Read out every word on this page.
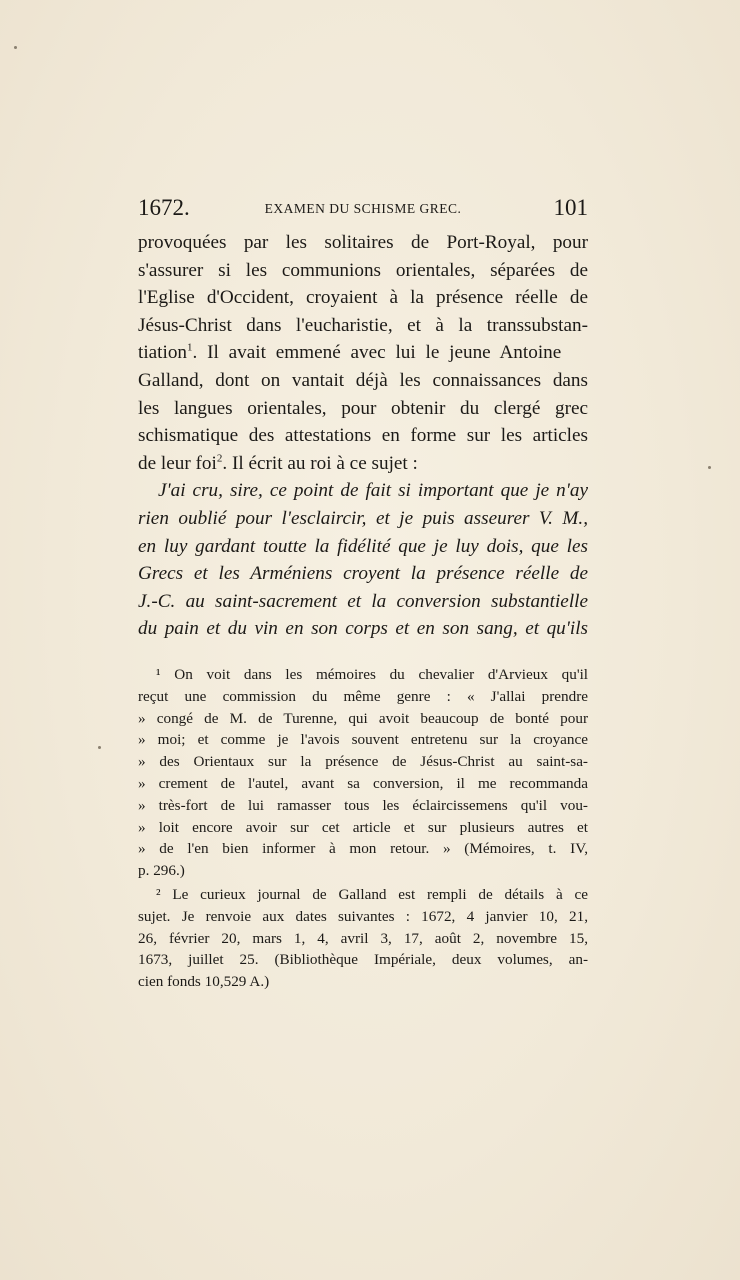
1672.	EXAMEN DU SCHISME GREC.	101
provoquées par les solitaires de Port-Royal, pour
s'assurer si les communions orientales, séparées de
l'Eglise d'Occident, croyaient à la présence réelle de
Jésus-Christ dans l'eucharistie, et à la transsubstan-
tiation$^1$. Il avait emmené avec lui le jeune Antoine
Galland, dont on vantait déjà les connaissances dans
les langues orientales, pour obtenir du clergé grec
schismatique des attestations en forme sur les articles
de leur foi$^2$. Il écrit au roi à ce sujet :
J'ai cru, sire, ce point de fait si important que je n'ay
rien oublié pour l'esclaircir, et je puis asseurer V. M.,
en luy gardant toutte la fidélité que je luy dois, que les
Grecs et les Arméniens croyent la présence réelle de
J.-C. au saint-sacrement et la conversion substantielle
du pain et du vin en son corps et en son sang, et qu'ils
¹ On voit dans les mémoires du chevalier d'Arvieux qu'il
reçut une commission du même genre : « J'allai prendre
» congé de M. de Turenne, qui avoit beaucoup de bonté pour
» moi; et comme je l'avois souvent entretenu sur la croyance
» des Orientaux sur la présence de Jésus-Christ au saint-sa-
» crement de l'autel, avant sa conversion, il me recommanda
» très-fort de lui ramasser tous les éclaircissemens qu'il vou-
» loit encore avoir sur cet article et sur plusieurs autres et
» de l'en bien informer à mon retour. » (Mémoires, t. IV,
p. 296.)
² Le curieux journal de Galland est rempli de détails à ce
sujet. Je renvoie aux dates suivantes : 1672, 4 janvier 10, 21,
26, février 20, mars 1, 4, avril 3, 17, août 2, novembre 15,
1673, juillet 25. (Bibliothèque Impériale, deux volumes, an-
cien fonds 10,529 A.)
